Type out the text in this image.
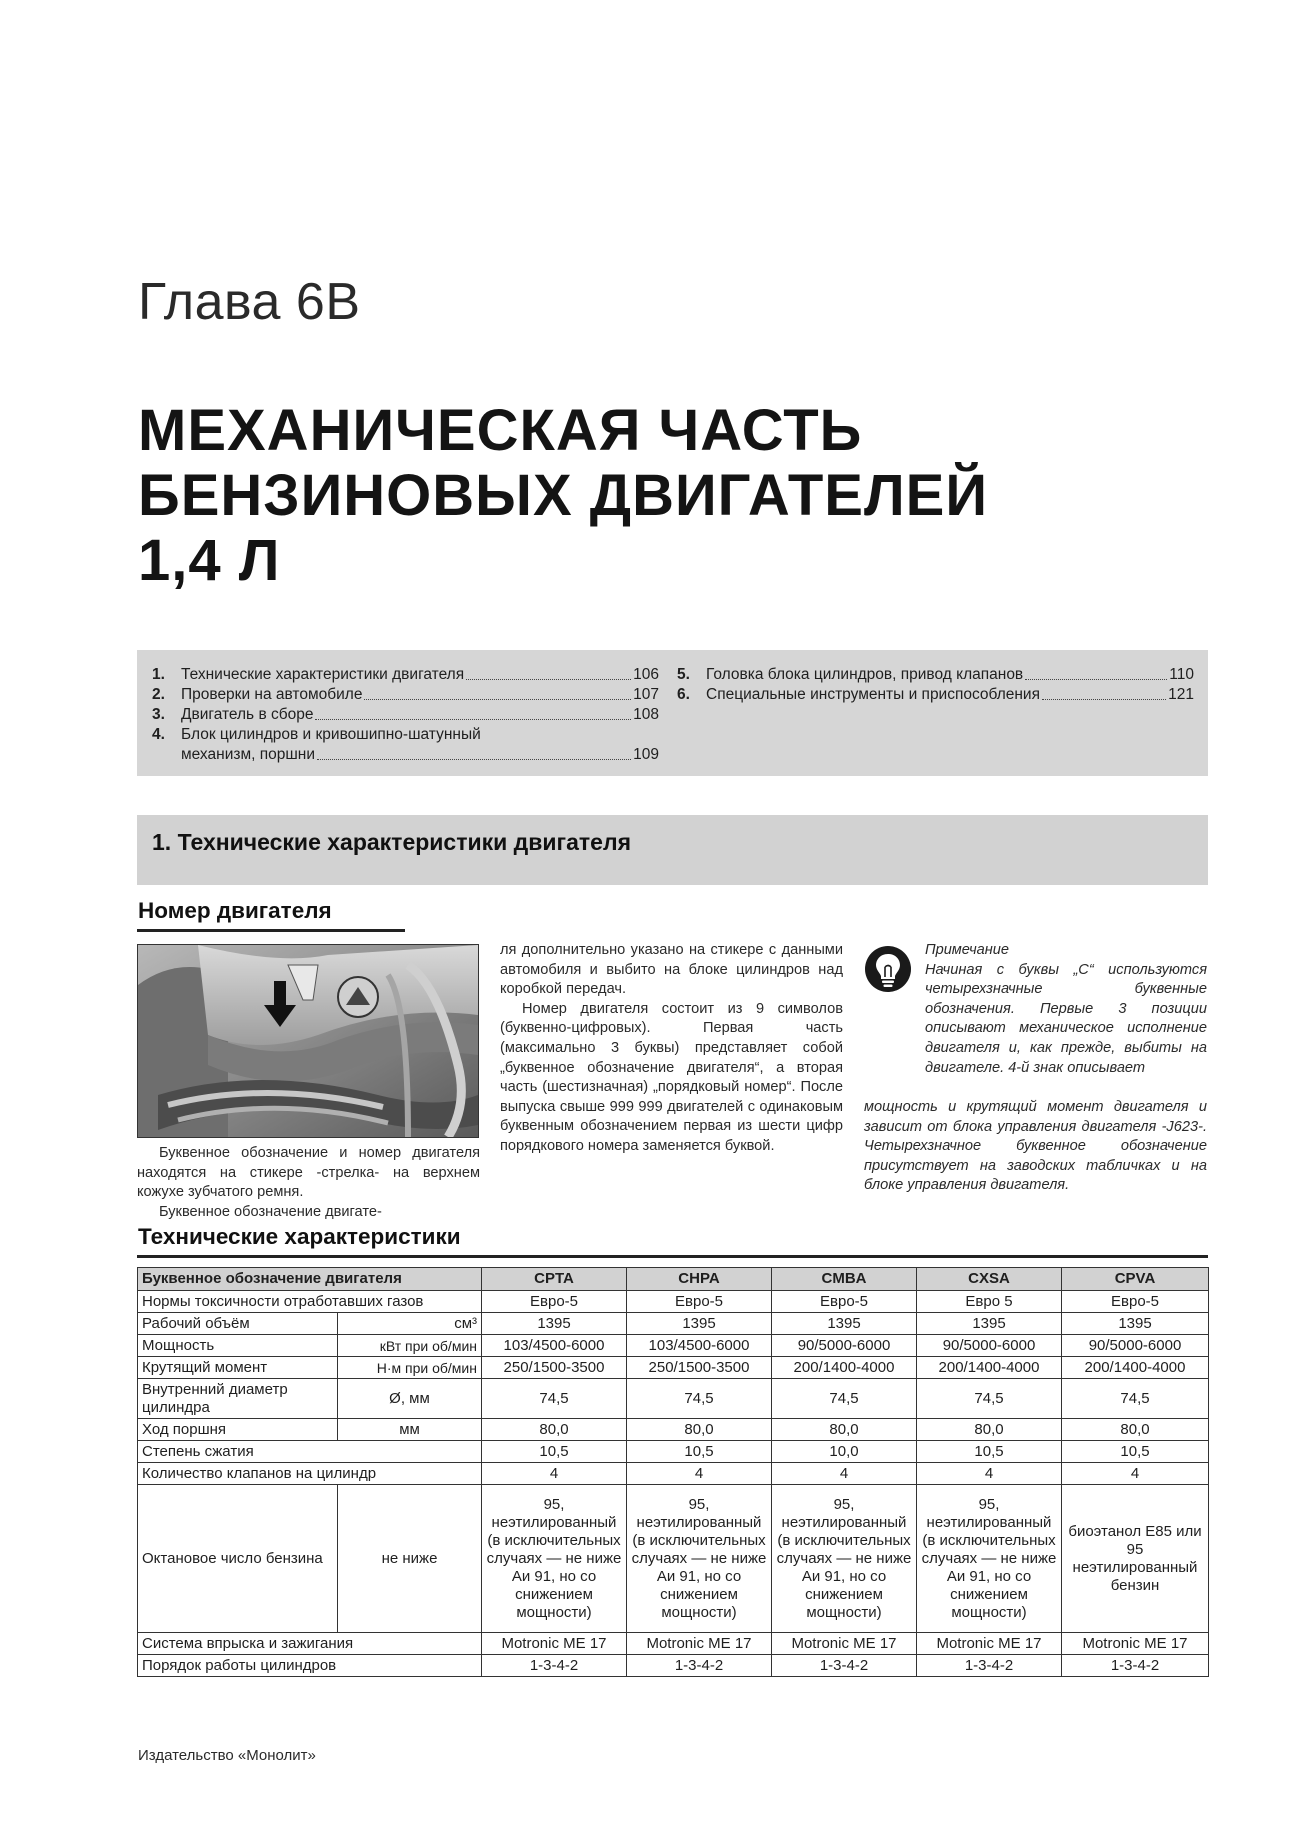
Глава 6В
МЕХАНИЧЕСКАЯ ЧАСТЬ
БЕНЗИНОВЫХ ДВИГАТЕЛЕЙ
1,4 Л
1.	Технические характеристики двигателя	106
2.	Проверки на автомобиле	107
3.	Двигатель в сборе	108
4.	Блок цилиндров и кривошипно-шатунный
механизм, поршни	109
5.	Головка блока цилиндров, привод клапанов	110
6.	Специальные инструменты и приспособления	121
1. Технические характеристики двигателя
Номер двигателя

Буквенное обозначение и номер двигателя находятся на стикере -стрелка- на верхнем кожухе зубчатого ремня.

Буквенное обозначение двигате-

ля дополнительно указано на стикере с данными автомобиля и выбито на блоке цилиндров над коробкой передач.

Номер двигателя состоит из 9 символов (буквенно-цифровых). Первая часть (максимально 3 буквы) представляет собой „буквенное обозначение двигателя“, а вторая часть (шестизначная) „порядковый номер“. После выпуска свыше 999 999 двигателей с одинаковым буквенным обозначением первая из шести цифр порядкового номера заменяется буквой.

Примечание
Начиная с буквы „С“ используются четырехзначные буквенные обозначения. Первые 3 позиции описывают механическое исполнение двигателя и, как прежде, выбиты на двигателе. 4-й знак описывает
мощность и крутящий момент двигателя и зависит от блока управления двигателя -J623-. Четырехзначное буквенное обозначение присутствует на заводских табличках и на блоке управления двигателя.
Технические характеристики
Буквенное обозначение двигателя		CPTA	CHPA	CMBA	CXSA	CPVA
Нормы токсичности отработавших газов		Евро-5	Евро-5	Евро-5	Евро 5	Евро-5
Рабочий объём	см³	1395	1395	1395	1395	1395
Мощность	кВт при об/мин	103/4500-6000	103/4500-6000	90/5000-6000	90/5000-6000	90/5000-6000
Крутящий момент	Н·м при об/мин	250/1500-3500	250/1500-3500	200/1400-4000	200/1400-4000	200/1400-4000
Внутренний диаметр цилиндра	Ø, мм	74,5	74,5	74,5	74,5	74,5
Ход поршня	мм	80,0	80,0	80,0	80,0	80,0
Степень сжатия		10,5	10,5	10,0	10,5	10,5
Количество клапанов на цилиндр		4	4	4	4	4
Октановое число бензина	не ниже	95, неэтилированный (в исключительных случаях — не ниже Аи 91, но со снижением мощности)	95, неэтилированный (в исключительных случаях — не ниже Аи 91, но со снижением мощности)	95, неэтилированный (в исключительных случаях — не ниже Аи 91, но со снижением мощности)	95, неэтилированный (в исключительных случаях — не ниже Аи 91, но со снижением мощности)	биоэтанол E85 или 95 неэтилированный бензин
Система впрыска и зажигания		Motronic ME 17	Motronic ME 17	Motronic ME 17	Motronic ME 17	Motronic ME 17
Порядок работы цилиндров		1-3-4-2	1-3-4-2	1-3-4-2	1-3-4-2	1-3-4-2
Издательство «Монолит»
